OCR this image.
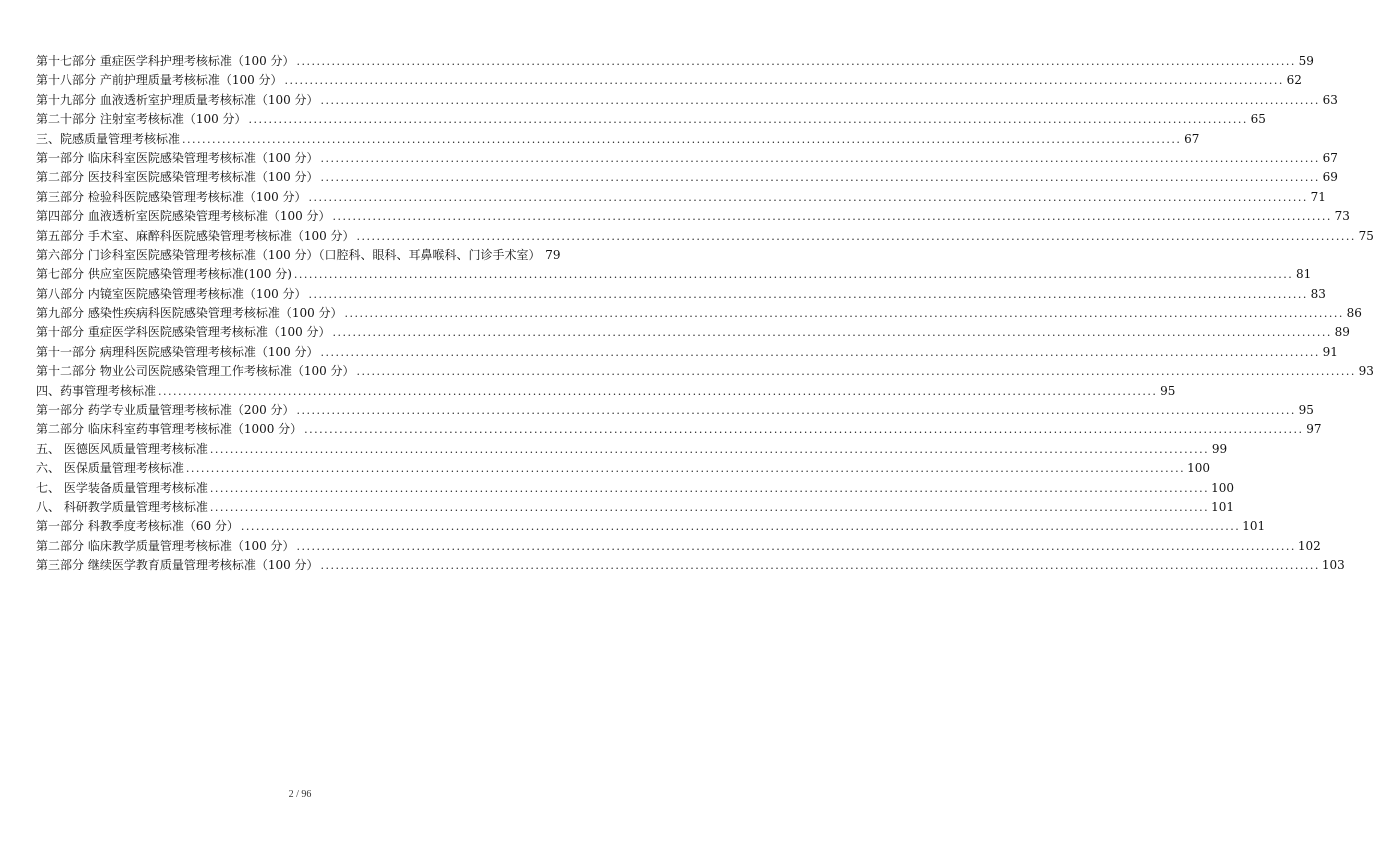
第十七部分 重症医学科护理考核标准（100 分） ........................................................................................................................................................................................................ 59
第十八部分 产前护理质量考核标准（100 分） ........................................................................................................................................................................................................ 62
第十九部分 血液透析室护理质量考核标准（100 分） ........................................................................................................................................................................................................ 63
第二十部分 注射室考核标准（100 分） ........................................................................................................................................................................................................ 65
三、院感质量管理考核标准 ........................................................................................................................................................................................................ 67
第一部分 临床科室医院感染管理考核标准（100 分） ........................................................................................................................................................................................................ 67
第二部分 医技科室医院感染管理考核标准（100 分） ........................................................................................................................................................................................................ 69
第三部分 检验科医院感染管理考核标准（100 分） ........................................................................................................................................................................................................ 71
第四部分 血液透析室医院感染管理考核标准（100 分） ........................................................................................................................................................................................................ 73
第五部分 手术室、麻醉科医院感染管理考核标准（100 分） ........................................................................................................................................................................................................ 75
第六部分 门诊科室医院感染管理考核标准（100 分）（口腔科、眼科、耳鼻喉科、门诊手术室） 79
第七部分 供应室医院感染管理考核标准(100 分) ........................................................................................................................................................................................................ 81
第八部分 内镜室医院感染管理考核标准（100 分） ........................................................................................................................................................................................................ 83
第九部分 感染性疾病科医院感染管理考核标准（100 分） ........................................................................................................................................................................................................ 86
第十部分 重症医学科医院感染管理考核标准（100 分） ........................................................................................................................................................................................................ 89
第十一部分 病理科医院感染管理考核标准（100 分） ........................................................................................................................................................................................................ 91
第十二部分 物业公司医院感染管理工作考核标准（100 分） ........................................................................................................................................................................................................ 93
四、药事管理考核标准 ........................................................................................................................................................................................................ 95
第一部分 药学专业质量管理考核标准（200 分） ........................................................................................................................................................................................................ 95
第二部分 临床科室药事管理考核标准（1000 分） ........................................................................................................................................................................................................ 97
五、 医德医风质量管理考核标准 ........................................................................................................................................................................................................ 99
六、 医保质量管理考核标准 ........................................................................................................................................................................................................ 100
七、 医学装备质量管理考核标准 ........................................................................................................................................................................................................ 100
八、 科研教学质量管理考核标准 ........................................................................................................................................................................................................ 101
第一部分 科教季度考核标准（60 分） ........................................................................................................................................................................................................ 101
第二部分 临床教学质量管理考核标准（100 分） ........................................................................................................................................................................................................ 102
第三部分 继续医学教育质量管理考核标准（100 分） ........................................................................................................................................................................................................ 103
2 / 96
